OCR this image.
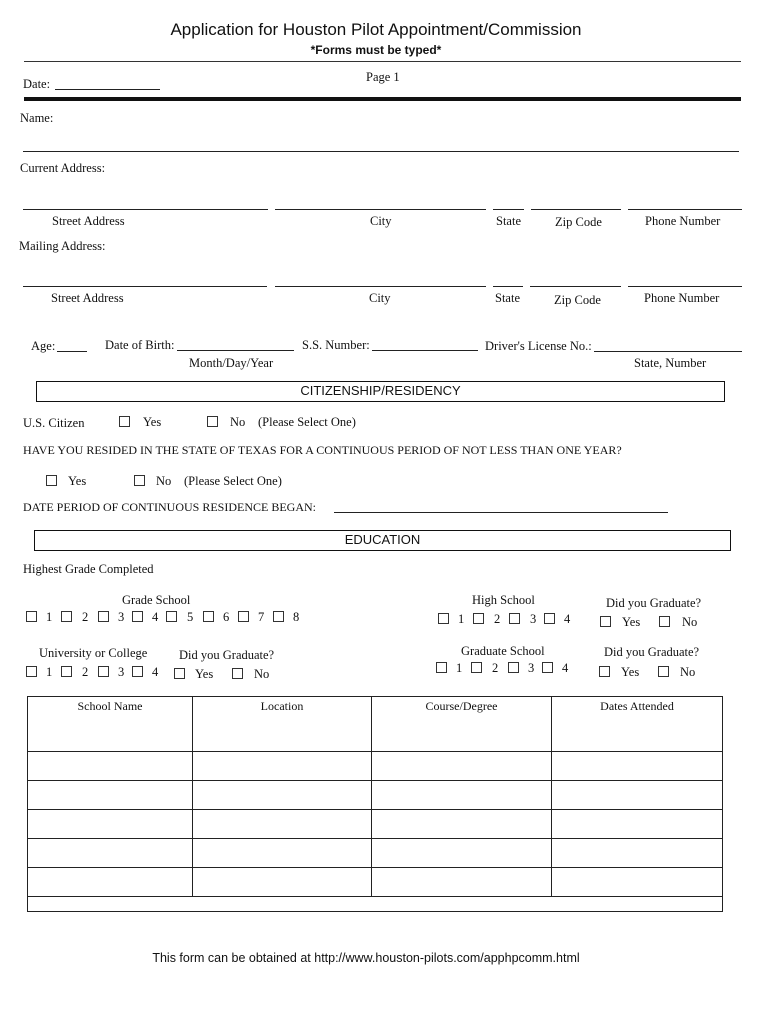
Application for Houston Pilot Appointment/Commission
*Forms must be typed*
Page 1
Date:
Name:
Current Address:
Street Address	City	State	Zip Code	Phone Number
Mailing Address:
Street Address	City	State	Zip Code	Phone Number
Age:	Date of Birth:
Month/Day/Year
S.S. Number:	Driver's License No.:
State, Number
CITIZENSHIP/RESIDENCY
U.S. Citizen	Yes	No (Please Select One)
HAVE YOU RESIDED IN THE STATE OF TEXAS FOR A CONTINUOUS PERIOD OF NOT LESS THAN ONE YEAR?
Yes	No (Please Select One)
DATE PERIOD OF CONTINUOUS RESIDENCE BEGAN:
EDUCATION
Highest Grade Completed
Grade School
1 2 3 4 5 6 7 8
High School
1 2 3 4
Did you Graduate?
Yes	No
University or College
1 2 3 4
Did you Graduate?
Yes	No
Graduate School
1 2 3 4
Did you Graduate?
Yes	No
School Name	Location	Course/Degree	Dates Attended

This form can be obtained at http://www.houston-pilots.com/apphpcomm.html
